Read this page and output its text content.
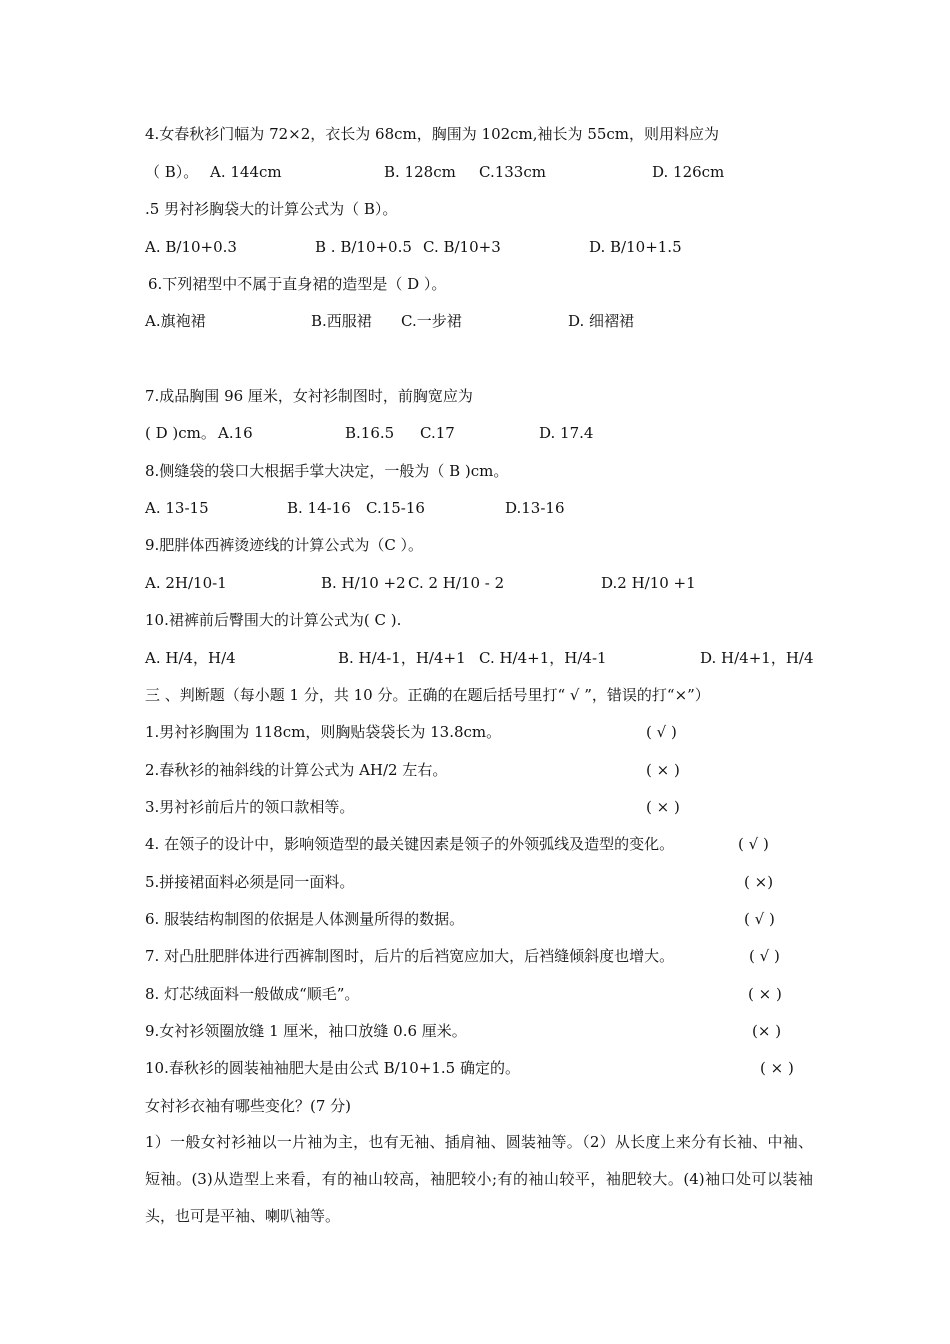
4.女春秋衫门幅为 72×2，衣长为 68cm，胸围为 102cm,袖长为 55cm，则用料应为
（ B）。 A. 144cm	B. 128cm C.133cm	D. 126cm
.5 男衬衫胸袋大的计算公式为（ B）。
A. B/10+0.3	B . B/10+0.5 C. B/10+3	D. B/10+1.5
6.下列裙型中不属于直身裙的造型是（ D ）。
A.旗袍裙	B.西服裙 C.一步裙	D. 细褶裙
7.成品胸围 96 厘米，女衬衫制图时，前胸宽应为
( D )cm。 A.16	B.16.5 C.17	D. 17.4
8.侧缝袋的袋口大根据手掌大决定，一般为（ B )cm。
A. 13-15	B. 14-16 C.15-16	D.13-16
9.肥胖体西裤烫迹线的计算公式为（C ）。
A. 2H/10-1	B. H/10 +2 C. 2 H/10 - 2	D.2 H/10 +1
10.裙裤前后臀围大的计算公式为( C ).
A. H/4，H/4	B. H/4-1，H/4+1 C. H/4+1，H/4-1	D. H/4+1，H/4
三 、判断题（每小题 1 分，共 10 分。正确的在题后括号里打“ √ ”，错误的打“×”）
1.男衬衫胸围为 118cm，则胸贴袋袋长为 13.8cm。	( √ )
2.春秋衫的袖斜线的计算公式为 AH/2 左右。	( × )
3.男衬衫前后片的领口款相等。	( × )
4. 在领子的设计中，影响领造型的最关键因素是领子的外领弧线及造型的变化。	( √ )
5.拼接裙面料必须是同一面料。	( ×)
6. 服装结构制图的依据是人体测量所得的数据。	( √ )
7. 对凸肚肥胖体进行西裤制图时，后片的后裆宽应加大，后裆缝倾斜度也增大。	( √ )
8. 灯芯绒面料一般做成“顺毛”。	( × )
9.女衬衫领圈放缝 1 厘米，袖口放缝 0.6 厘米。	(× )
10.春秋衫的圆装袖袖肥大是由公式 B/10+1.5 确定的。	( × )
女衬衫衣袖有哪些变化？(7 分)
1）一般女衬衫袖以一片袖为主，也有无袖、插肩袖、圆装袖等。（2）从长度上来分有长袖、中袖、短袖。(3)从造型上来看，有的袖山较高，袖肥较小;有的袖山较平，袖肥较大。(4)袖口处可以装袖头，也可是平袖、喇叭袖等。
